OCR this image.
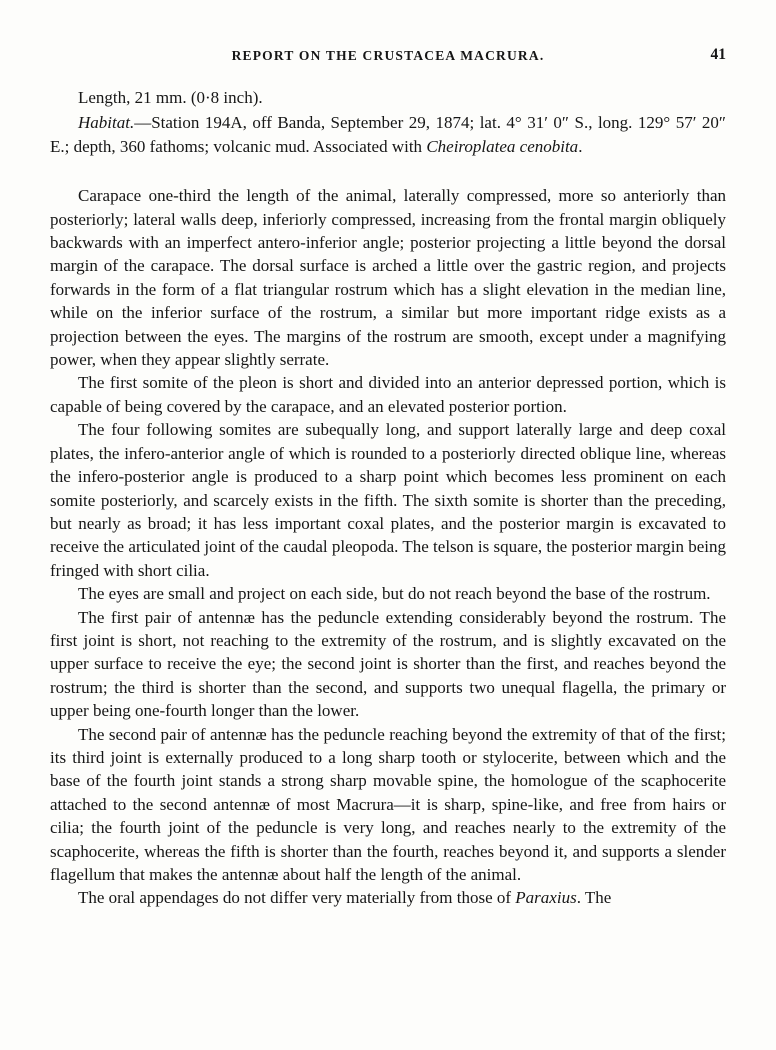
REPORT ON THE CRUSTACEA MACRURA.	41

Length, 21 mm. (0·8 inch).

Habitat.—Station 194A, off Banda, September 29, 1874; lat. 4° 31′ 0″ S., long. 129° 57′ 20″ E.; depth, 360 fathoms; volcanic mud. Associated with Cheiroplatea cenobita.

Carapace one-third the length of the animal, laterally compressed, more so anteriorly than posteriorly; lateral walls deep, inferiorly compressed, increasing from the frontal margin obliquely backwards with an imperfect antero-inferior angle; posterior projecting a little beyond the dorsal margin of the carapace. The dorsal surface is arched a little over the gastric region, and projects forwards in the form of a flat triangular rostrum which has a slight elevation in the median line, while on the inferior surface of the rostrum, a similar but more important ridge exists as a projection between the eyes. The margins of the rostrum are smooth, except under a magnifying power, when they appear slightly serrate.

The first somite of the pleon is short and divided into an anterior depressed portion, which is capable of being covered by the carapace, and an elevated posterior portion.

The four following somites are subequally long, and support laterally large and deep coxal plates, the infero-anterior angle of which is rounded to a posteriorly directed oblique line, whereas the infero-posterior angle is produced to a sharp point which becomes less prominent on each somite posteriorly, and scarcely exists in the fifth. The sixth somite is shorter than the preceding, but nearly as broad; it has less important coxal plates, and the posterior margin is excavated to receive the articulated joint of the caudal pleopoda. The telson is square, the posterior margin being fringed with short cilia.

The eyes are small and project on each side, but do not reach beyond the base of the rostrum.

The first pair of antennæ has the peduncle extending considerably beyond the rostrum. The first joint is short, not reaching to the extremity of the rostrum, and is slightly excavated on the upper surface to receive the eye; the second joint is shorter than the first, and reaches beyond the rostrum; the third is shorter than the second, and supports two unequal flagella, the primary or upper being one-fourth longer than the lower.

The second pair of antennæ has the peduncle reaching beyond the extremity of that of the first; its third joint is externally produced to a long sharp tooth or stylocerite, between which and the base of the fourth joint stands a strong sharp movable spine, the homologue of the scaphocerite attached to the second antennæ of most Macrura—it is sharp, spine-like, and free from hairs or cilia; the fourth joint of the peduncle is very long, and reaches nearly to the extremity of the scaphocerite, whereas the fifth is shorter than the fourth, reaches beyond it, and supports a slender flagellum that makes the antennæ about half the length of the animal.

The oral appendages do not differ very materially from those of Paraxius. The
